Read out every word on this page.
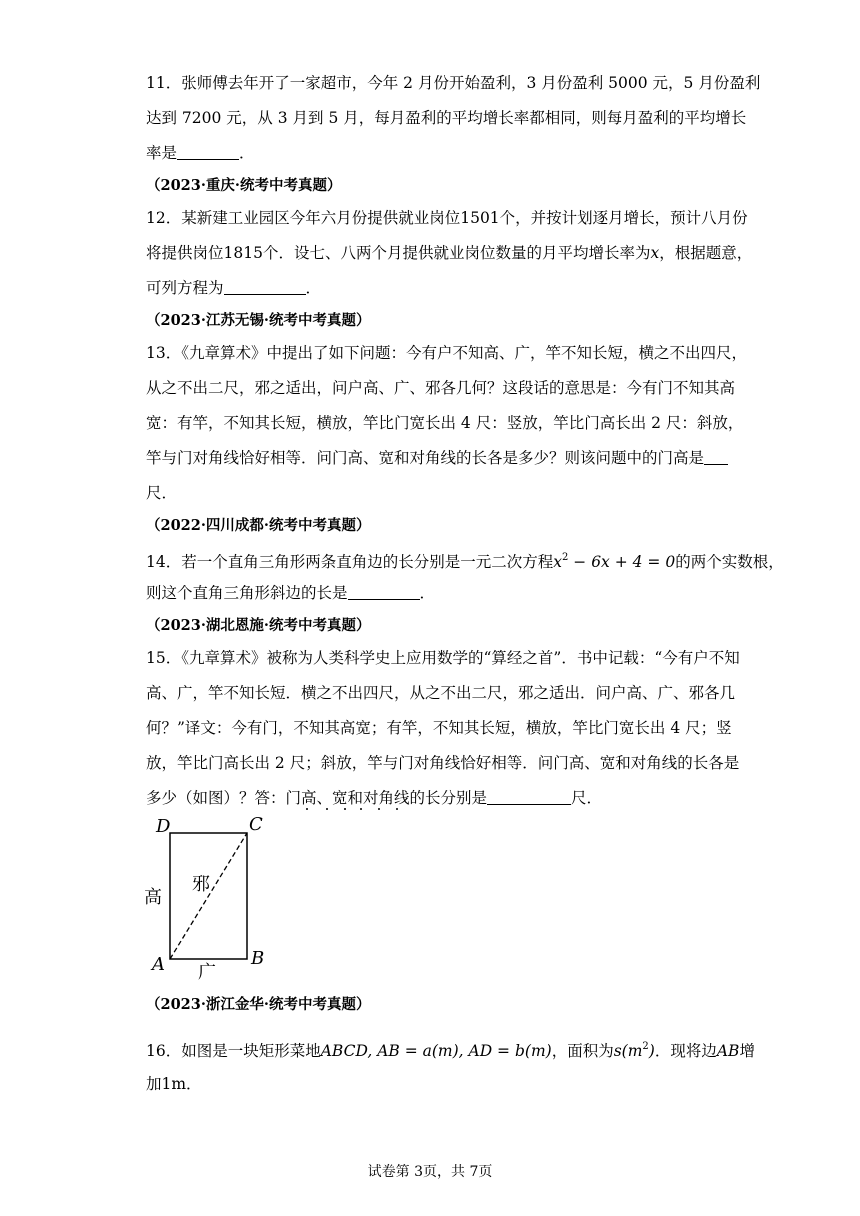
11．张师傅去年开了一家超市，今年 2 月份开始盈利，3 月份盈利 5000 元，5 月份盈利
达到 7200 元，从 3 月到 5 月，每月盈利的平均增长率都相同，则每月盈利的平均增长
率是	．
（2023·重庆·统考中考真题）
12．某新建工业园区今年六月份提供就业岗位1501个，并按计划逐月增长，预计八月份
将提供岗位1815个．设七、八两个月提供就业岗位数量的月平均增长率为x，根据题意，
可列方程为	．
（2023·江苏无锡·统考中考真题）
13．《九章算术》中提出了如下问题：今有户不知高、广，竿不知长短，横之不出四尺，
从之不出二尺，邪之适出，问户高、广、邪各几何？这段话的意思是：今有门不知其高
宽：有竿，不知其长短，横放，竿比门宽长出 4 尺：竖放，竿比门高长出 2 尺：斜放，
竿与门对角线恰好相等．问门高、宽和对角线的长各是多少？则该问题中的门高是
尺．
（2022·四川成都·统考中考真题）
14．若一个直角三角形两条直角边的长分别是一元二次方程$x^2 - 6x + 4 = 0$的两个实数根，
则这个直角三角形斜边的长是	．
（2023·湖北恩施·统考中考真题）
15．《九章算术》被称为人类科学史上应用数学的“算经之首”．书中记载：“今有户不知
高、广，竿不知长短．横之不出四尺，从之不出二尺，邪之适出．问户高、广、邪各几
何？”译文：今有门，不知其高宽；有竿，不知其长短，横放，竿比门宽长出 4 尺；竖
放，竿比门高长出 2 尺；斜放，竿与门对角线恰好相等．问门高、宽和对角线的长各是
多少（如图）？答：门高、宽和对角线的长分别是	尺．
D	C
A	B
高
邪
广
（2023·浙江金华·统考中考真题）
16．如图是一块矩形菜地ABCD, AB = a(m), AD = b(m)，面积为$s(m^2)$．现将边AB增
加1m．
试卷第 3页，共 7页
